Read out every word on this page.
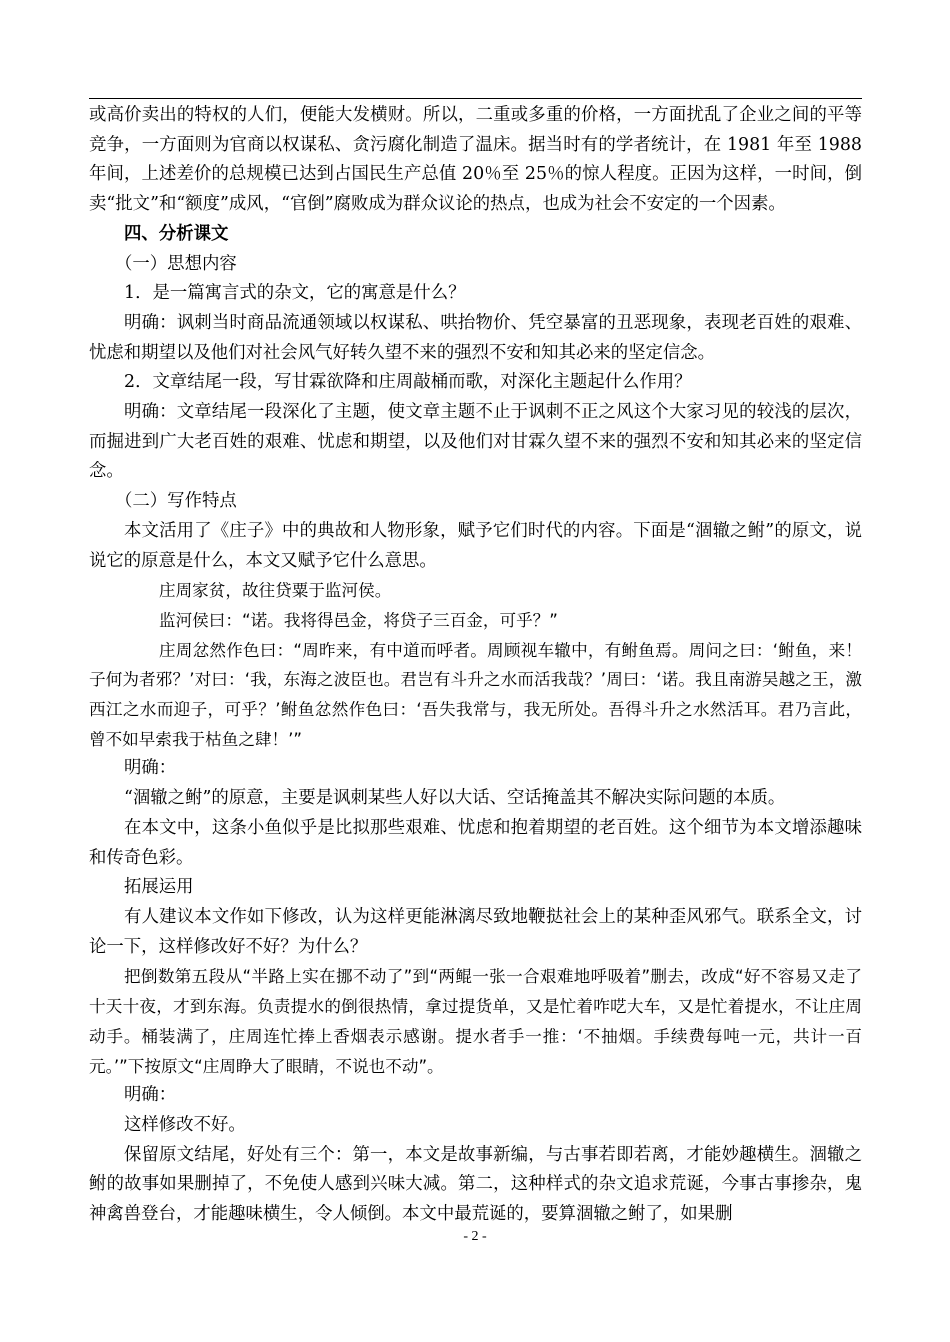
或高价卖出的特权的人们，便能大发横财。所以，二重或多重的价格，一方面扰乱了企业之间的平等竞争，一方面则为官商以权谋私、贪污腐化制造了温床。据当时有的学者统计，在 1981 年至 1988 年间，上述差价的总规模已达到占国民生产总值 20％至 25％的惊人程度。正因为这样，一时间，倒卖“批文”和“额度”成风，“官倒”腐败成为群众议论的热点，也成为社会不安定的一个因素。

四、分析课文

（一）思想内容

1．是一篇寓言式的杂文，它的寓意是什么？

明确：讽刺当时商品流通领域以权谋私、哄抬物价、凭空暴富的丑恶现象，表现老百姓的艰难、忧虑和期望以及他们对社会风气好转久望不来的强烈不安和知其必来的坚定信念。

2．文章结尾一段，写甘霖欲降和庄周敲桶而歌，对深化主题起什么作用？

明确：文章结尾一段深化了主题，使文章主题不止于讽刺不正之风这个大家习见的较浅的层次，而掘进到广大老百姓的艰难、忧虑和期望，以及他们对甘霖久望不来的强烈不安和知其必来的坚定信念。

（二）写作特点

本文活用了《庄子》中的典故和人物形象，赋予它们时代的内容。下面是“涸辙之鲋”的原文，说说它的原意是什么，本文又赋予它什么意思。

庄周家贫，故往贷粟于监河侯。

监河侯曰：“诺。我将得邑金，将贷子三百金，可乎？”

庄周忿然作色曰：“周昨来，有中道而呼者。周顾视车辙中，有鲋鱼焉。周问之曰：‘鲋鱼，来！子何为者邪？’对曰：‘我，东海之波臣也。君岂有斗升之水而活我哉？’周曰：‘诺。我且南游吴越之王，激西江之水而迎子，可乎？’鲋鱼忿然作色曰：‘吾失我常与，我无所处。吾得斗升之水然活耳。君乃言此，曾不如早索我于枯鱼之肆！’”

明确：

“涸辙之鲋”的原意，主要是讽刺某些人好以大话、空话掩盖其不解决实际问题的本质。

在本文中，这条小鱼似乎是比拟那些艰难、忧虑和抱着期望的老百姓。这个细节为本文增添趣味和传奇色彩。

拓展运用

有人建议本文作如下修改，认为这样更能淋漓尽致地鞭挞社会上的某种歪风邪气。联系全文，讨论一下，这样修改好不好？为什么？

把倒数第五段从“半路上实在挪不动了”到“两鲲一张一合艰难地呼吸着”删去，改成“好不容易又走了十天十夜，才到东海。负责提水的倒很热情，拿过提货单，又是忙着咋呓大车，又是忙着提水，不让庄周动手。桶装满了，庄周连忙捧上香烟表示感谢。提水者手一推：‘不抽烟。手续费每吨一元，共计一百元。’”下按原文“庄周睁大了眼睛，不说也不动”。

明确：

这样修改不好。

保留原文结尾，好处有三个：第一，本文是故事新编，与古事若即若离，才能妙趣横生。涸辙之鲋的故事如果删掉了，不免使人感到兴味大减。第二，这种样式的杂文追求荒诞，今事古事掺杂，鬼神禽兽登台，才能趣味横生，令人倾倒。本文中最荒诞的，要算涸辙之鲋了，如果删

- 2 -
